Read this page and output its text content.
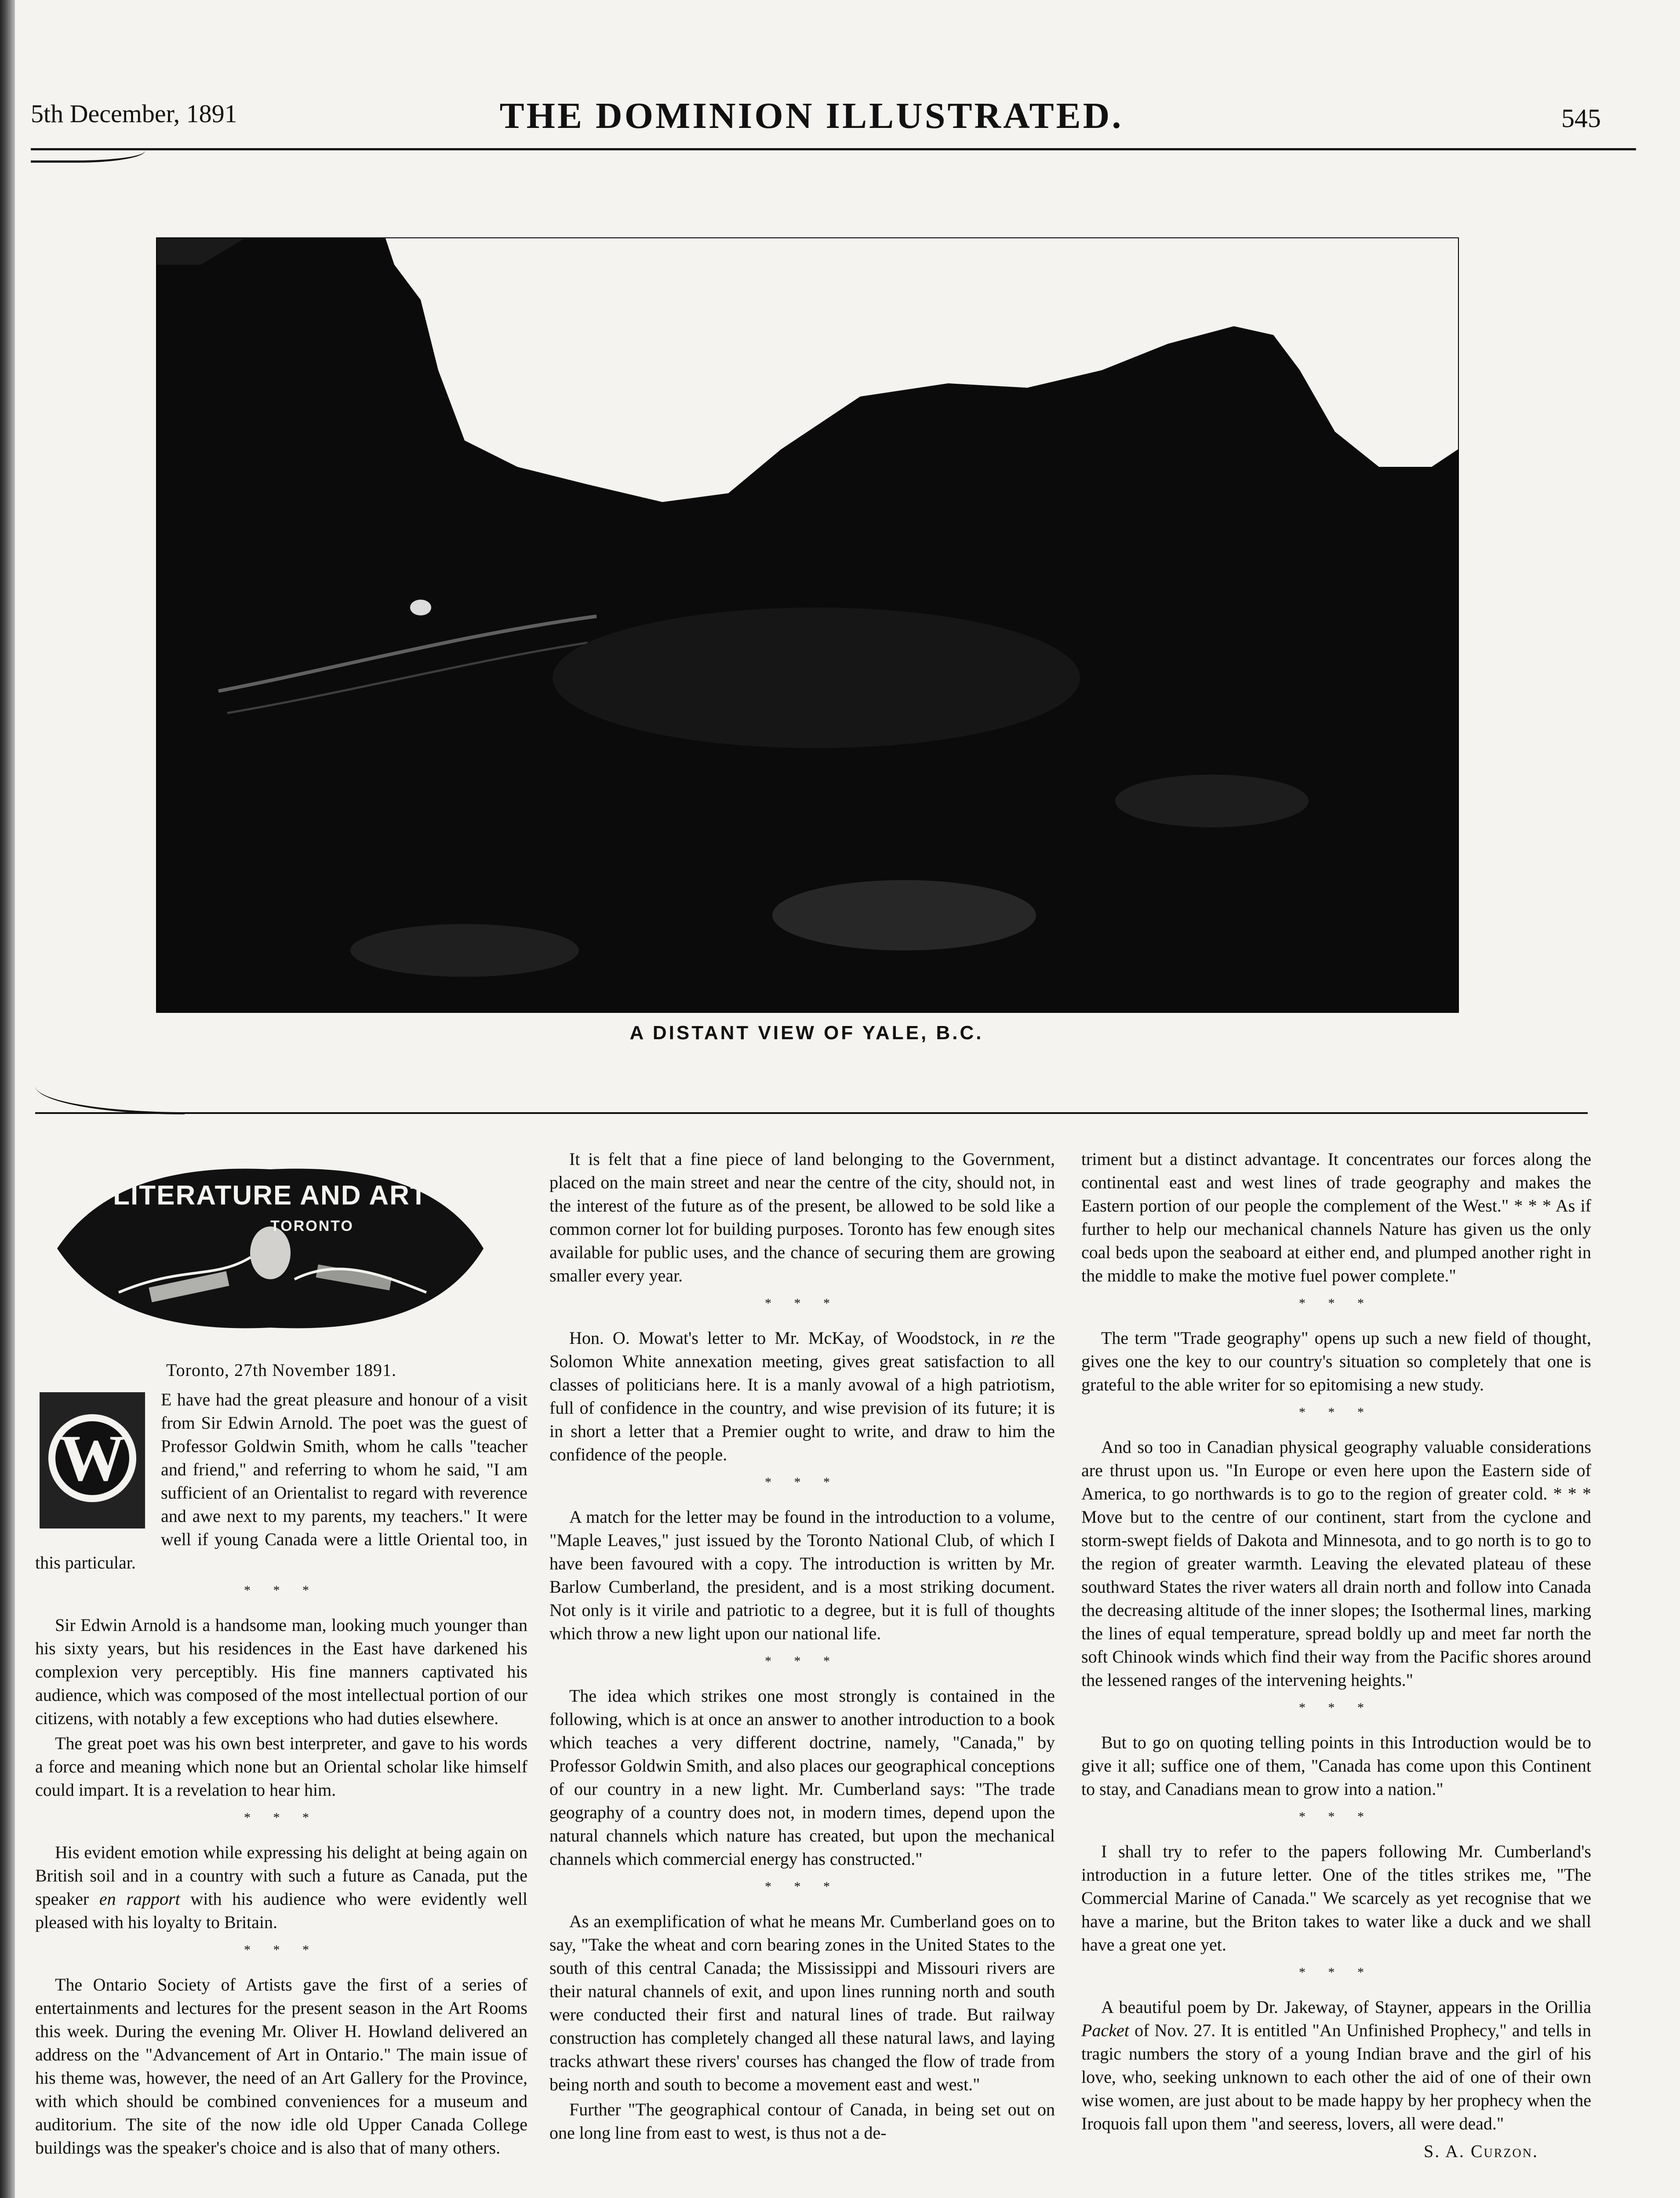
5th December, 1891	THE DOMINION ILLUSTRATED.	545
A DISTANT VIEW OF YALE, B.C.
LITERATURE AND ART
TORONTO
Toronto, 27th November 1891.
W

E have had the great pleasure and honour of a visit from Sir Edwin Arnold. The poet was the guest of Professor Goldwin Smith, whom he calls "teacher and friend," and referring to whom he said, "I am sufficient of an Orientalist to regard with reverence and awe next to my parents, my teachers." It were well if young Canada were a little Oriental too, in this particular.

* * *

Sir Edwin Arnold is a handsome man, looking much younger than his sixty years, but his residences in the East have darkened his complexion very perceptibly. His fine manners captivated his audience, which was composed of the most intellectual portion of our citizens, with notably a few exceptions who had duties elsewhere.

The great poet was his own best interpreter, and gave to his words a force and meaning which none but an Oriental scholar like himself could impart. It is a revelation to hear him.

* * *

His evident emotion while expressing his delight at being again on British soil and in a country with such a future as Canada, put the speaker en rapport with his audience who were evidently well pleased with his loyalty to Britain.

* * *

The Ontario Society of Artists gave the first of a series of entertainments and lectures for the present season in the Art Rooms this week. During the evening Mr. Oliver H. Howland delivered an address on the "Advancement of Art in Ontario." The main issue of his theme was, however, the need of an Art Gallery for the Province, with which should be combined conveniences for a museum and auditorium. The site of the now idle old Upper Canada College buildings was the speaker's choice and is also that of many others.

It is felt that a fine piece of land belonging to the Government, placed on the main street and near the centre of the city, should not, in the interest of the future as of the present, be allowed to be sold like a common corner lot for building purposes. Toronto has few enough sites available for public uses, and the chance of securing them are growing smaller every year.

* * *

Hon. O. Mowat's letter to Mr. McKay, of Woodstock, in re the Solomon White annexation meeting, gives great satisfaction to all classes of politicians here. It is a manly avowal of a high patriotism, full of confidence in the country, and wise prevision of its future; it is in short a letter that a Premier ought to write, and draw to him the confidence of the people.

* * *

A match for the letter may be found in the introduction to a volume, "Maple Leaves," just issued by the Toronto National Club, of which I have been favoured with a copy. The introduction is written by Mr. Barlow Cumberland, the president, and is a most striking document. Not only is it virile and patriotic to a degree, but it is full of thoughts which throw a new light upon our national life.

* * *

The idea which strikes one most strongly is contained in the following, which is at once an answer to another introduction to a book which teaches a very different doctrine, namely, "Canada," by Professor Goldwin Smith, and also places our geographical conceptions of our country in a new light. Mr. Cumberland says: "The trade geography of a country does not, in modern times, depend upon the natural channels which nature has created, but upon the mechanical channels which commercial energy has constructed."

* * *

As an exemplification of what he means Mr. Cumberland goes on to say, "Take the wheat and corn bearing zones in the United States to the south of this central Canada; the Mississippi and Missouri rivers are their natural channels of exit, and upon lines running north and south were conducted their first and natural lines of trade. But railway construction has completely changed all these natural laws, and laying tracks athwart these rivers' courses has changed the flow of trade from being north and south to become a movement east and west."

Further "The geographical contour of Canada, in being set out on one long line from east to west, is thus not a de-

triment but a distinct advantage. It concentrates our forces along the continental east and west lines of trade geography and makes the Eastern portion of our people the complement of the West." * * * As if further to help our mechanical channels Nature has given us the only coal beds upon the seaboard at either end, and plumped another right in the middle to make the motive fuel power complete."

* * *

The term "Trade geography" opens up such a new field of thought, gives one the key to our country's situation so completely that one is grateful to the able writer for so epitomising a new study.

* * *

And so too in Canadian physical geography valuable considerations are thrust upon us. "In Europe or even here upon the Eastern side of America, to go northwards is to go to the region of greater cold. * * * Move but to the centre of our continent, start from the cyclone and storm-swept fields of Dakota and Minnesota, and to go north is to go to the region of greater warmth. Leaving the elevated plateau of these southward States the river waters all drain north and follow into Canada the decreasing altitude of the inner slopes; the Isothermal lines, marking the lines of equal temperature, spread boldly up and meet far north the soft Chinook winds which find their way from the Pacific shores around the lessened ranges of the intervening heights."

* * *

But to go on quoting telling points in this Introduction would be to give it all; suffice one of them, "Canada has come upon this Continent to stay, and Canadians mean to grow into a nation."

* * *

I shall try to refer to the papers following Mr. Cumberland's introduction in a future letter. One of the titles strikes me, "The Commercial Marine of Canada." We scarcely as yet recognise that we have a marine, but the Briton takes to water like a duck and we shall have a great one yet.

* * *

A beautiful poem by Dr. Jakeway, of Stayner, appears in the Orillia Packet of Nov. 27. It is entitled "An Unfinished Prophecy," and tells in tragic numbers the story of a young Indian brave and the girl of his love, who, seeking unknown to each other the aid of one of their own wise women, are just about to be made happy by her prophecy when the Iroquois fall upon them "and seeress, lovers, all were dead."

S. A. Curzon.
